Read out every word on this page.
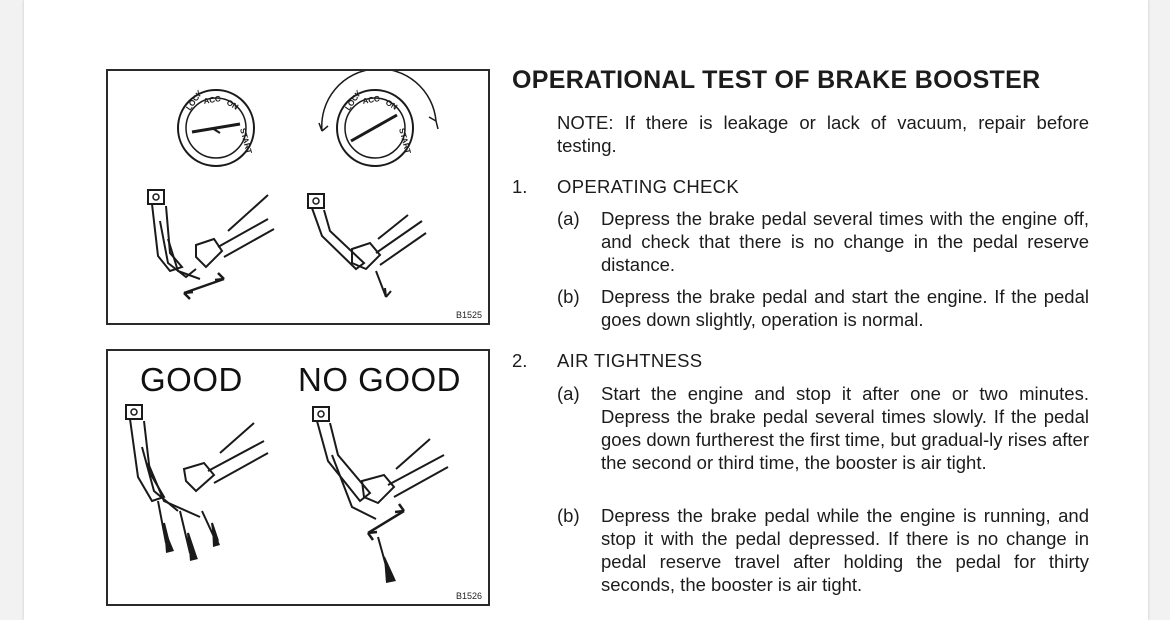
LOCK
ACC ON
START
LOCK
ACC ON
START
B1525
GOOD NO GOOD
B1526
OPERATIONAL TEST OF BRAKE BOOSTER
NOTE: If there is leakage or lack of vacuum, repair before testing.
1. OPERATING CHECK
(a) Depress the brake pedal several times with the engine off, and check that there is no change in the pedal reserve distance.
(b) Depress the brake pedal and start the engine. If the pedal goes down slightly, operation is normal.
2. AIR TIGHTNESS
(a) Start the engine and stop it after one or two minutes. Depress the brake pedal several times slowly. If the pedal goes down furtherest the first time, but gradual-ly rises after the second or third time, the booster is air tight.
(b) Depress the brake pedal while the engine is running, and stop it with the pedal depressed. If there is no change in pedal reserve travel after holding the pedal for thirty seconds, the booster is air tight.
